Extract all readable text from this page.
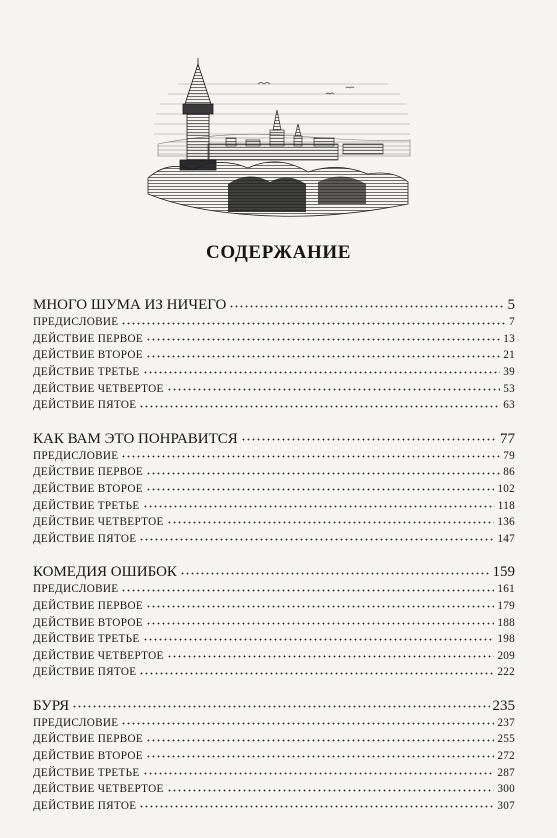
СОДЕРЖАНИЕ
МНОГО ШУМА ИЗ НИЧЕГО	5
ПРЕДИСЛОВИЕ	7
ДЕЙСТВИЕ ПЕРВОЕ	13
ДЕЙСТВИЕ ВТОРОЕ	21
ДЕЙСТВИЕ ТРЕТЬЕ	39
ДЕЙСТВИЕ ЧЕТВЕРТОЕ	53
ДЕЙСТВИЕ ПЯТОЕ	63
КАК ВАМ ЭТО ПОНРАВИТСЯ	77
ПРЕДИСЛОВИЕ	79
ДЕЙСТВИЕ ПЕРВОЕ	86
ДЕЙСТВИЕ ВТОРОЕ	102
ДЕЙСТВИЕ ТРЕТЬЕ	118
ДЕЙСТВИЕ ЧЕТВЕРТОЕ	136
ДЕЙСТВИЕ ПЯТОЕ	147
КОМЕДИЯ ОШИБОК	159
ПРЕДИСЛОВИЕ	161
ДЕЙСТВИЕ ПЕРВОЕ	179
ДЕЙСТВИЕ ВТОРОЕ	188
ДЕЙСТВИЕ ТРЕТЬЕ	198
ДЕЙСТВИЕ ЧЕТВЕРТОЕ	209
ДЕЙСТВИЕ ПЯТОЕ	222
БУРЯ	235
ПРЕДИСЛОВИЕ	237
ДЕЙСТВИЕ ПЕРВОЕ	255
ДЕЙСТВИЕ ВТОРОЕ	272
ДЕЙСТВИЕ ТРЕТЬЕ	287
ДЕЙСТВИЕ ЧЕТВЕРТОЕ	300
ДЕЙСТВИЕ ПЯТОЕ	307
